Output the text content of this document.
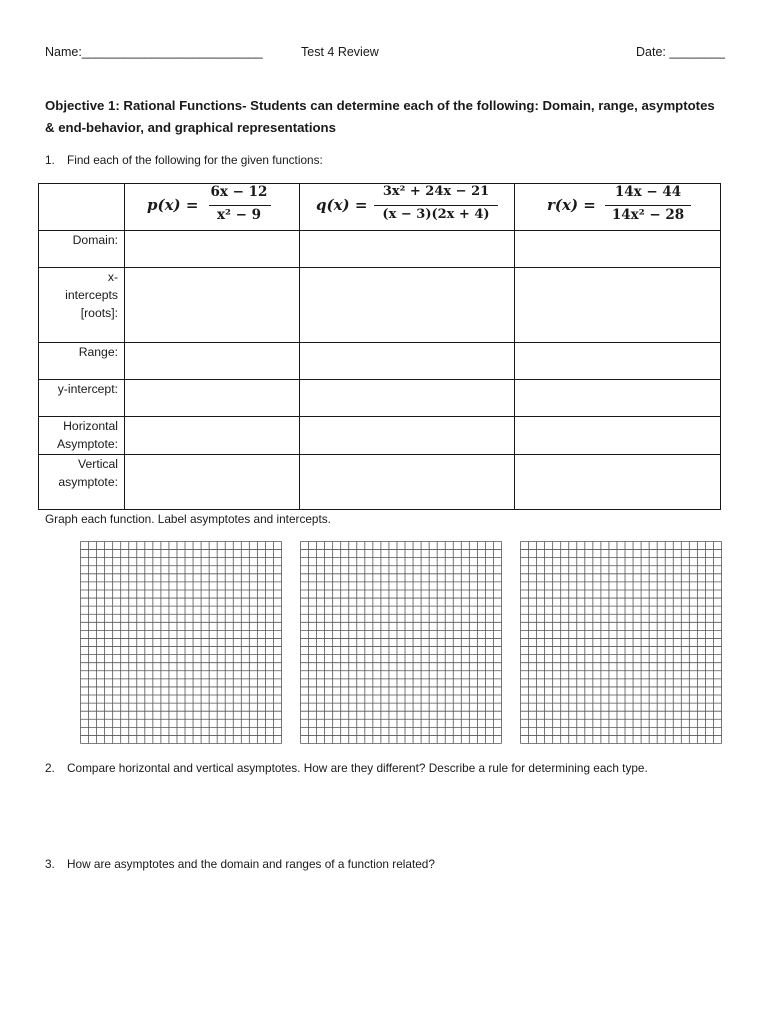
Name:__________________________	Test 4 Review	Date: ________
Objective 1: Rational Functions- Students can determine each of the following: Domain, range, asymptotes
& end-behavior, and graphical representations
1. Find each of the following for the given functions:
p(x) =
6x − 12
x² − 9
q(x) =
3x² + 24x − 21
(x − 3)(2x + 4)
r(x) =
14x − 44
14x² − 28
Domain:
x-
intercepts
[roots]:
Range:
y-intercept:
Horizontal
Asymptote:
Vertical
asymptote:
Graph each function. Label asymptotes and intercepts.
2. Compare horizontal and vertical asymptotes. How are they different? Describe a rule for determining each type.
3. How are asymptotes and the domain and ranges of a function related?
